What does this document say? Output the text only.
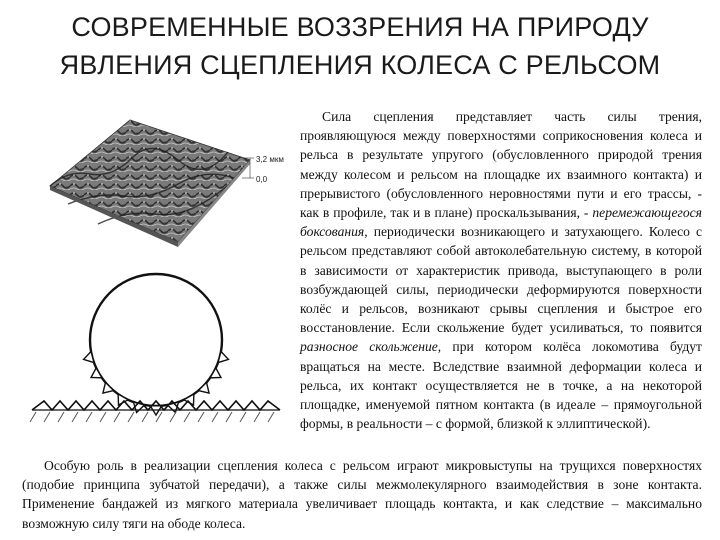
СОВРЕМЕННЫЕ ВОЗЗРЕНИЯ НА ПРИРОДУ
ЯВЛЕНИЯ СЦЕПЛЕНИЯ КОЛЕСА С РЕЛЬСОМ
3,2 мкм
0,0

Сила сцепления представляет часть силы трения, проявляющуюся между поверхностями соприкосновения колеса и рельса в результате упругого (обусловленного природой трения между колесом и рельсом на площадке их взаимного контакта) и прерывистого (обусловленного неровностями пути и его трассы, - как в профиле, так и в плане) проскальзывания, - перемежающегося боксования, периодически возникающего и затухающего. Колесо с рельсом представляют собой автоколебательную систему, в которой в зависимости от характеристик привода, выступающего в роли возбуждающей силы, периодически деформируются поверхности колёс и рельсов, возникают срывы сцепления и быстрое его восстановление. Если скольжение будет усиливаться, то появится разносное скольжение, при котором колёса локомотива будут вращаться на месте. Вследствие взаимной деформации колеса и рельса, их контакт осуществляется не в точке, а на некоторой площадке, именуемой пятном контакта (в идеале – прямоугольной формы, в реальности – с формой, близкой к эллиптической).

Особую роль в реализации сцепления колеса с рельсом играют микровыступы на трущихся поверхностях (подобие принципа зубчатой передачи), а также силы межмолекулярного взаимодействия в зоне контакта. Применение бандажей из мягкого материала увеличивает площадь контакта, и как следствие – максимально возможную силу тяги на ободе колеса.
